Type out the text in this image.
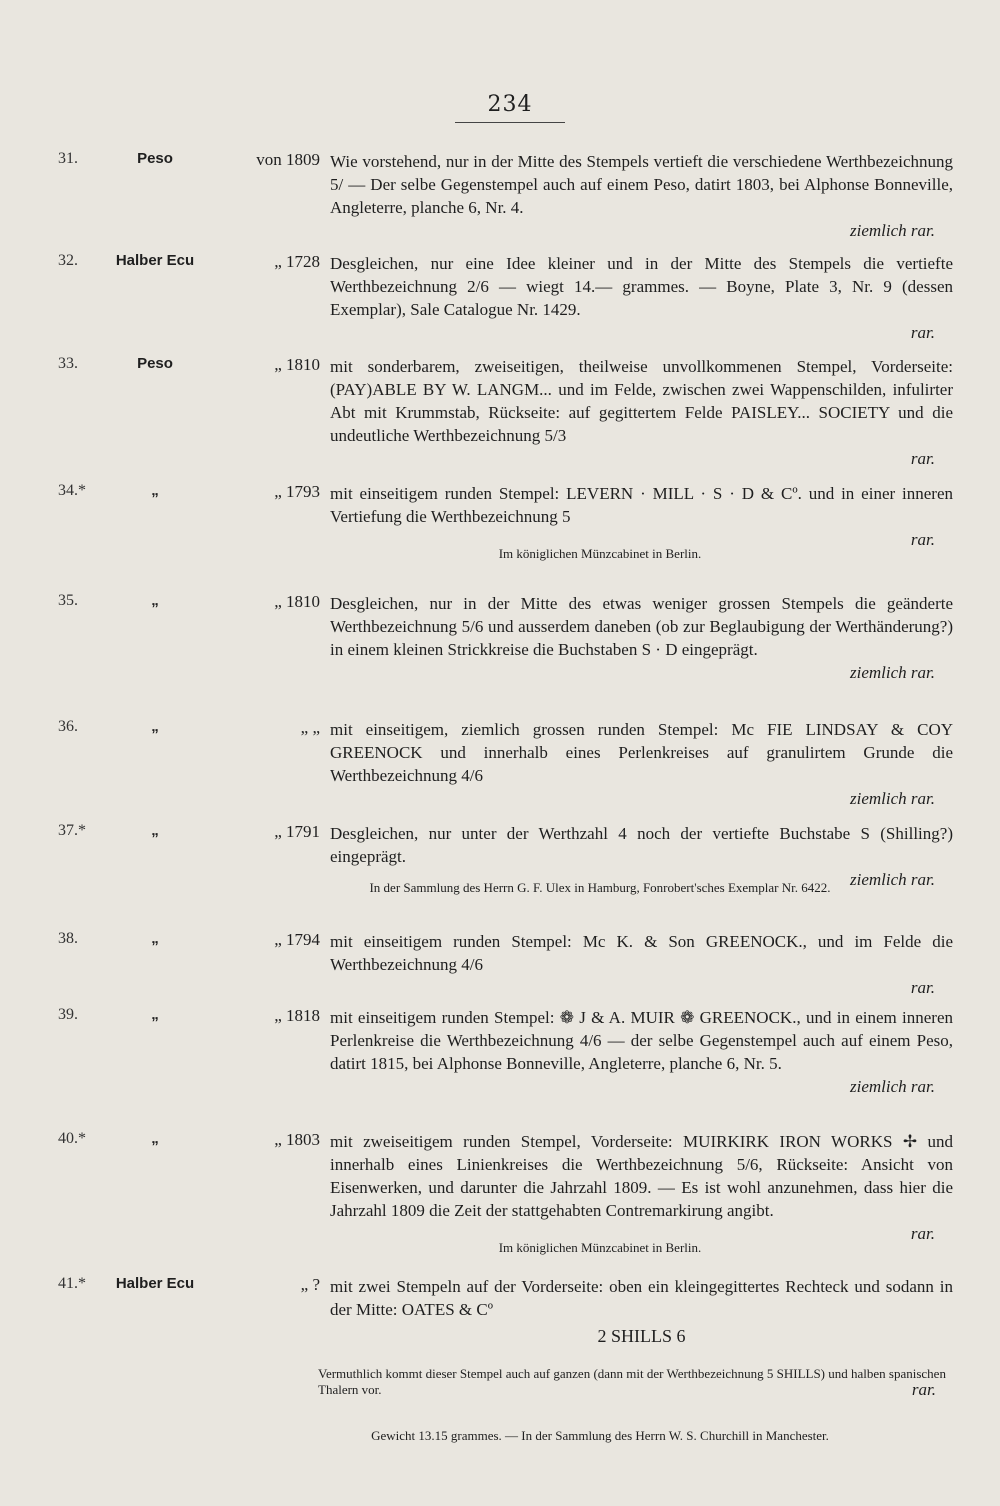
234
31.	Peso	von 1809 Wie vorstehend, nur in der Mitte des Stempels vertieft die verschiedene Werthbezeichnung 5/ — Der selbe Gegenstempel auch auf einem Peso, datirt 1803, bei Alphonse Bonneville, Angleterre, planche 6, Nr. 4.

ziemlich rar.
32.	Halber Ecu	„ 1728 Desgleichen, nur eine Idee kleiner und in der Mitte des Stempels die vertiefte Werthbezeichnung 2/6 — wiegt 14.— grammes. — Boyne, Plate 3, Nr. 9 (dessen Exemplar), Sale Catalogue Nr. 1429.

rar.
33.	Peso	„ 1810 mit sonderbarem, zweiseitigen, theilweise unvollkommenen Stempel, Vorderseite: (PAY)ABLE BY W. LANGM... und im Felde, zwischen zwei Wappenschilden, infulirter Abt mit Krummstab, Rückseite: auf gegittertem Felde PAISLEY... SOCIETY und die undeutliche Werthbezeichnung 5/3

rar.
34.*	„	„ 1793 mit einseitigem runden Stempel: LEVERN · MILL · S · D & Cº. und in einer inneren Vertiefung die Werthbezeichnung 5

rar.
Im königlichen Münzcabinet in Berlin.
35.	„	„ 1810 Desgleichen, nur in der Mitte des etwas weniger grossen Stempels die geänderte Werthbezeichnung 5/6 und ausserdem daneben (ob zur Beglaubigung der Werthänderung?) in einem kleinen Strickkreise die Buchstaben S · D eingeprägt.

ziemlich rar.
36.	„	„ „ mit einseitigem, ziemlich grossen runden Stempel: Mc FIE LINDSAY & COY GREENOCK und innerhalb eines Perlenkreises auf granulirtem Grunde die Werthbezeichnung 4/6

ziemlich rar.
37.*	„	„ 1791 Desgleichen, nur unter der Werthzahl 4 noch der vertiefte Buchstabe S (Shilling?) eingeprägt.

ziemlich rar.
In der Sammlung des Herrn G. F. Ulex in Hamburg, Fonrobert'sches Exemplar Nr. 6422.
38.	„	„ 1794 mit einseitigem runden Stempel: Mc K. & Son GREENOCK., und im Felde die Werthbezeichnung 4/6

rar.
39.	„	„ 1818 mit einseitigem runden Stempel: ❁ J & A. MUIR ❁ GREENOCK., und in einem inneren Perlenkreise die Werthbezeichnung 4/6 — der selbe Gegenstempel auch auf einem Peso, datirt 1815, bei Alphonse Bonneville, Angleterre, planche 6, Nr. 5.

ziemlich rar.
40.*	„	„ 1803 mit zweiseitigem runden Stempel, Vorderseite: MUIRKIRK IRON WORKS ✢ und innerhalb eines Linienkreises die Werthbezeichnung 5/6, Rückseite: Ansicht von Eisenwerken, und darunter die Jahrzahl 1809. — Es ist wohl anzunehmen, dass hier die Jahrzahl 1809 die Zeit der stattgehabten Contremarkirung angibt.

rar.
Im königlichen Münzcabinet in Berlin.
41.*	Halber Ecu	„ ? mit zwei Stempeln auf der Vorderseite: oben ein kleingegittertes Rechteck und sodann in der Mitte: OATES & Cº

2 SHILLS 6
Vermuthlich kommt dieser Stempel auch auf ganzen (dann mit der Werthbezeichnung 5 SHILLS) und halben spanischen Thalern vor.	rar.
Gewicht 13.15 grammes. — In der Sammlung des Herrn W. S. Churchill in Manchester.
